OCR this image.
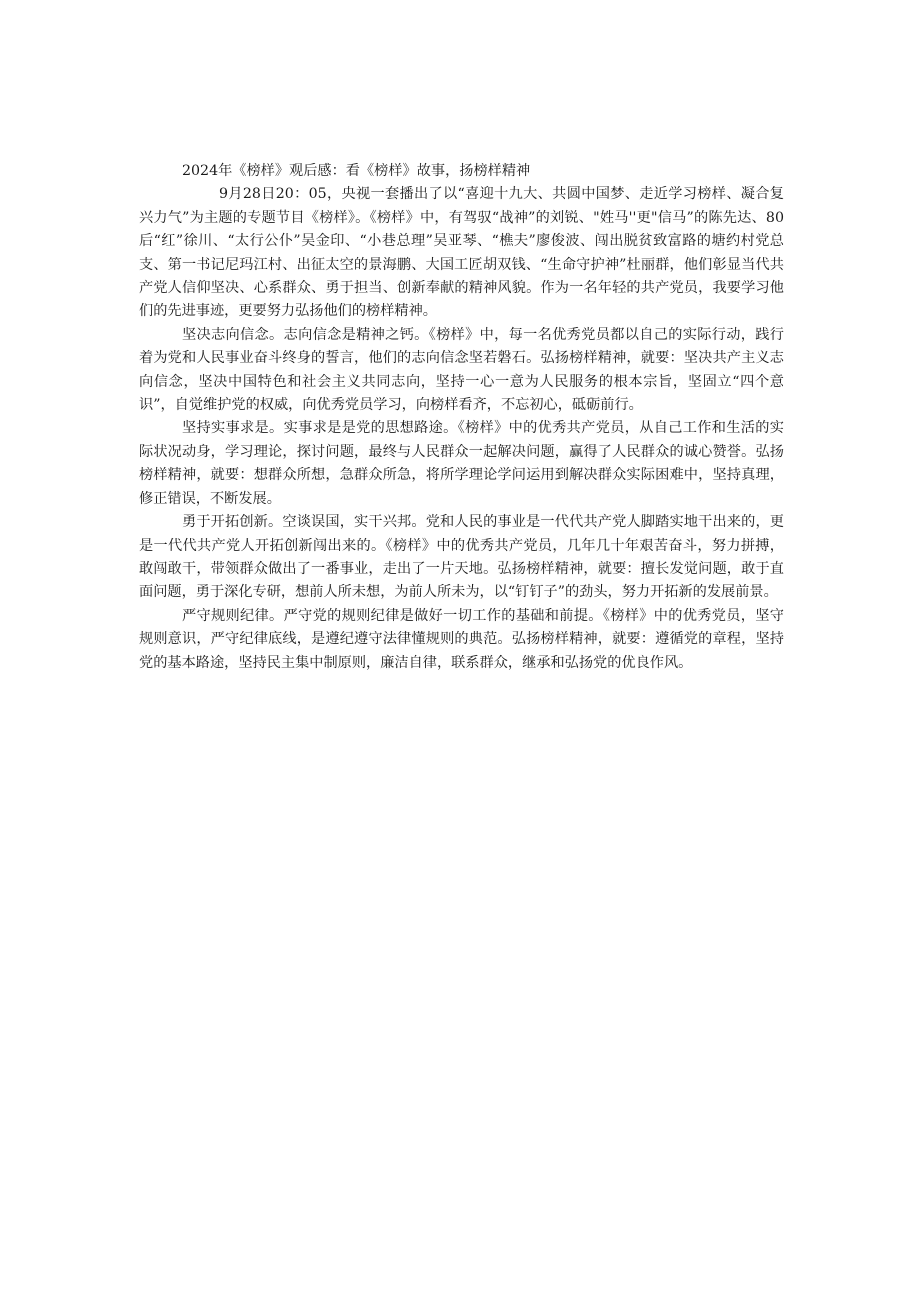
2024年《榜样》观后感：看《榜样》故事，扬榜样精神

9月28日20：05，央视一套播出了以“喜迎十九大、共圆中国梦、走近学习榜样、凝合复兴力气”为主题的专题节目《榜样》。《榜样》中，有驾驭“战神”的刘锐、"姓马''更"信马”的陈先达、80后“红”徐川、“太行公仆”吴金印、“小巷总理”吴亚琴、“樵夫”廖俊波、闯出脱贫致富路的塘约村党总支、第一书记尼玛江村、出征太空的景海鹏、大国工匠胡双钱、“生命守护神”杜丽群，他们彰显当代共产党人信仰坚决、心系群众、勇于担当、创新奉献的精神风貌。作为一名年轻的共产党员，我要学习他们的先进事迹，更要努力弘扬他们的榜样精神。

坚决志向信念。志向信念是精神之钙。《榜样》中，每一名优秀党员都以自己的实际行动，践行着为党和人民事业奋斗终身的誓言，他们的志向信念坚若磐石。弘扬榜样精神，就要：坚决共产主义志向信念，坚决中国特色和社会主义共同志向，坚持一心一意为人民服务的根本宗旨，坚固立“四个意识”，自觉维护党的权威，向优秀党员学习，向榜样看齐，不忘初心，砥砺前行。

坚持实事求是。实事求是是党的思想路途。《榜样》中的优秀共产党员，从自己工作和生活的实际状况动身，学习理论，探讨问题，最终与人民群众一起解决问题，赢得了人民群众的诚心赞誉。弘扬榜样精神，就要：想群众所想，急群众所急，将所学理论学问运用到解决群众实际困难中，坚持真理，修正错误，不断发展。

勇于开拓创新。空谈误国，实干兴邦。党和人民的事业是一代代共产党人脚踏实地干出来的，更是一代代共产党人开拓创新闯出来的。《榜样》中的优秀共产党员，几年几十年艰苦奋斗，努力拼搏，敢闯敢干，带领群众做出了一番事业，走出了一片天地。弘扬榜样精神，就要：擅长发觉问题，敢于直面问题，勇于深化专研，想前人所未想，为前人所未为，以“钉钉子”的劲头，努力开拓新的发展前景。

严守规则纪律。严守党的规则纪律是做好一切工作的基础和前提。《榜样》中的优秀党员，坚守规则意识，严守纪律底线，是遵纪遵守法律懂规则的典范。弘扬榜样精神，就要：遵循党的章程，坚持党的基本路途，坚持民主集中制原则，廉洁自律，联系群众，继承和弘扬党的优良作风。
